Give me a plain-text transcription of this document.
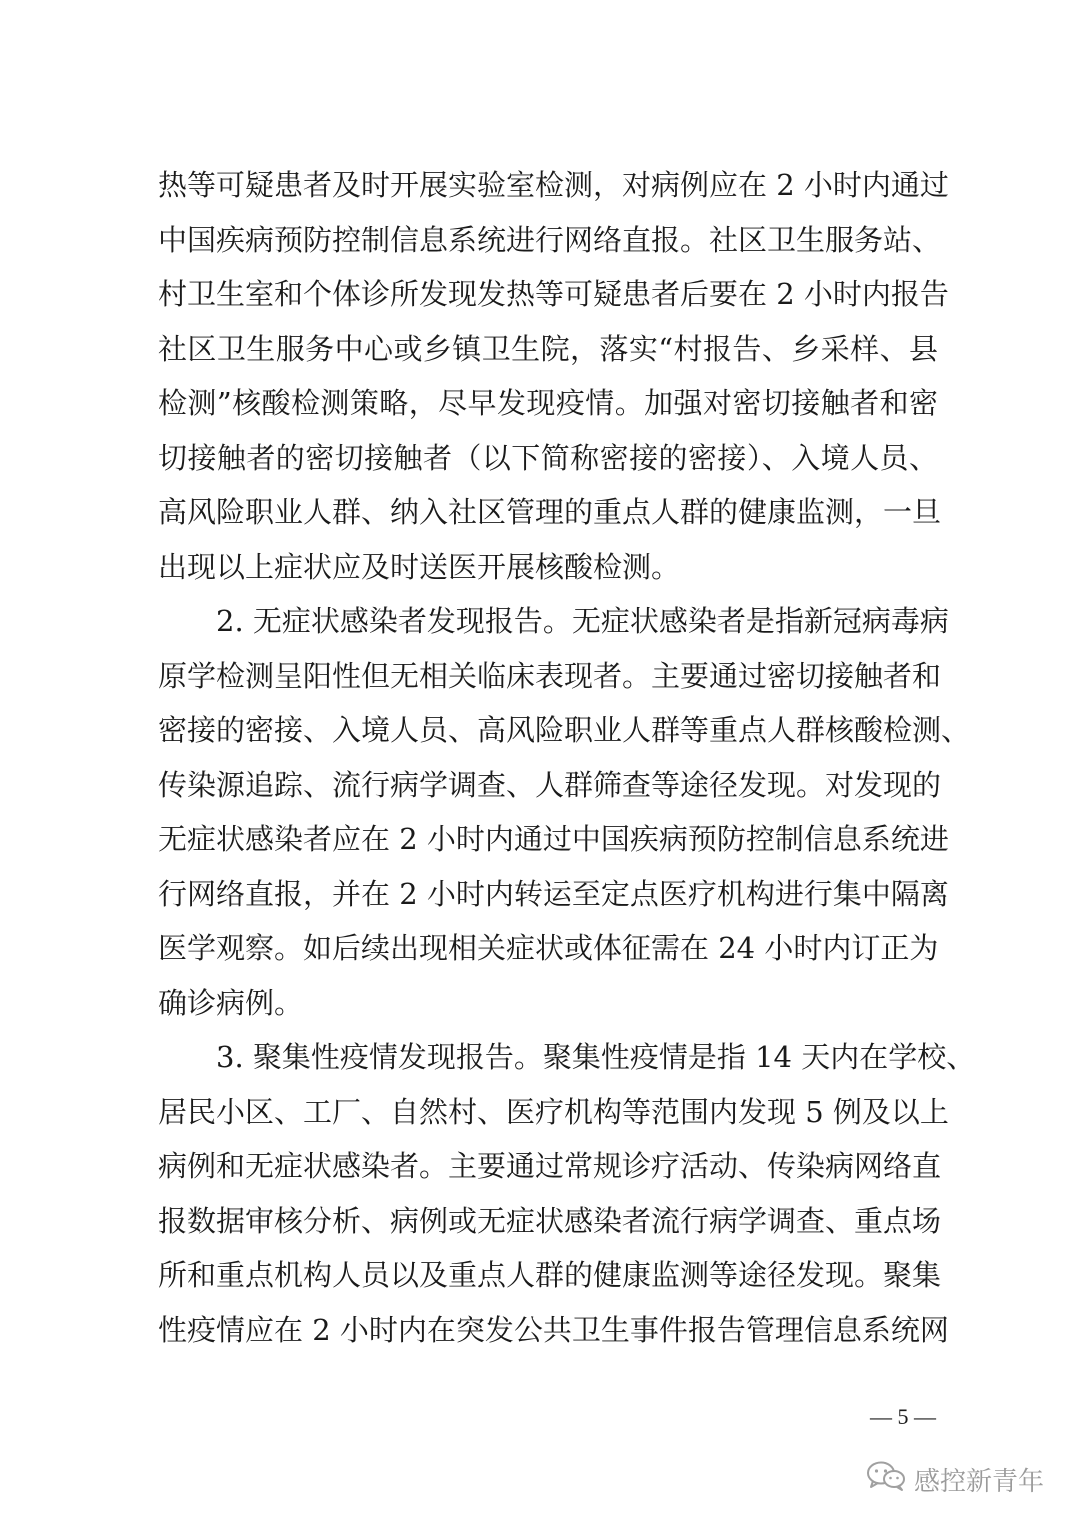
热等可疑患者及时开展实验室检测，对病例应在 2 小时内通过
中国疾病预防控制信息系统进行网络直报。社区卫生服务站、
村卫生室和个体诊所发现发热等可疑患者后要在 2 小时内报告
社区卫生服务中心或乡镇卫生院，落实“村报告、乡采样、县
检测”核酸检测策略，尽早发现疫情。加强对密切接触者和密
切接触者的密切接触者（以下简称密接的密接）、入境人员、
高风险职业人群、纳入社区管理的重点人群的健康监测，一旦
出现以上症状应及时送医开展核酸检测。
2. 无症状感染者发现报告。无症状感染者是指新冠病毒病
原学检测呈阳性但无相关临床表现者。主要通过密切接触者和
密接的密接、入境人员、高风险职业人群等重点人群核酸检测、
传染源追踪、流行病学调查、人群筛查等途径发现。对发现的
无症状感染者应在 2 小时内通过中国疾病预防控制信息系统进
行网络直报，并在 2 小时内转运至定点医疗机构进行集中隔离
医学观察。如后续出现相关症状或体征需在 24 小时内订正为
确诊病例。
3. 聚集性疫情发现报告。聚集性疫情是指 14 天内在学校、
居民小区、工厂、自然村、医疗机构等范围内发现 5 例及以上
病例和无症状感染者。主要通过常规诊疗活动、传染病网络直
报数据审核分析、病例或无症状感染者流行病学调查、重点场
所和重点机构人员以及重点人群的健康监测等途径发现。聚集
性疫情应在 2 小时内在突发公共卫生事件报告管理信息系统网
— 5 —
感控新青年
